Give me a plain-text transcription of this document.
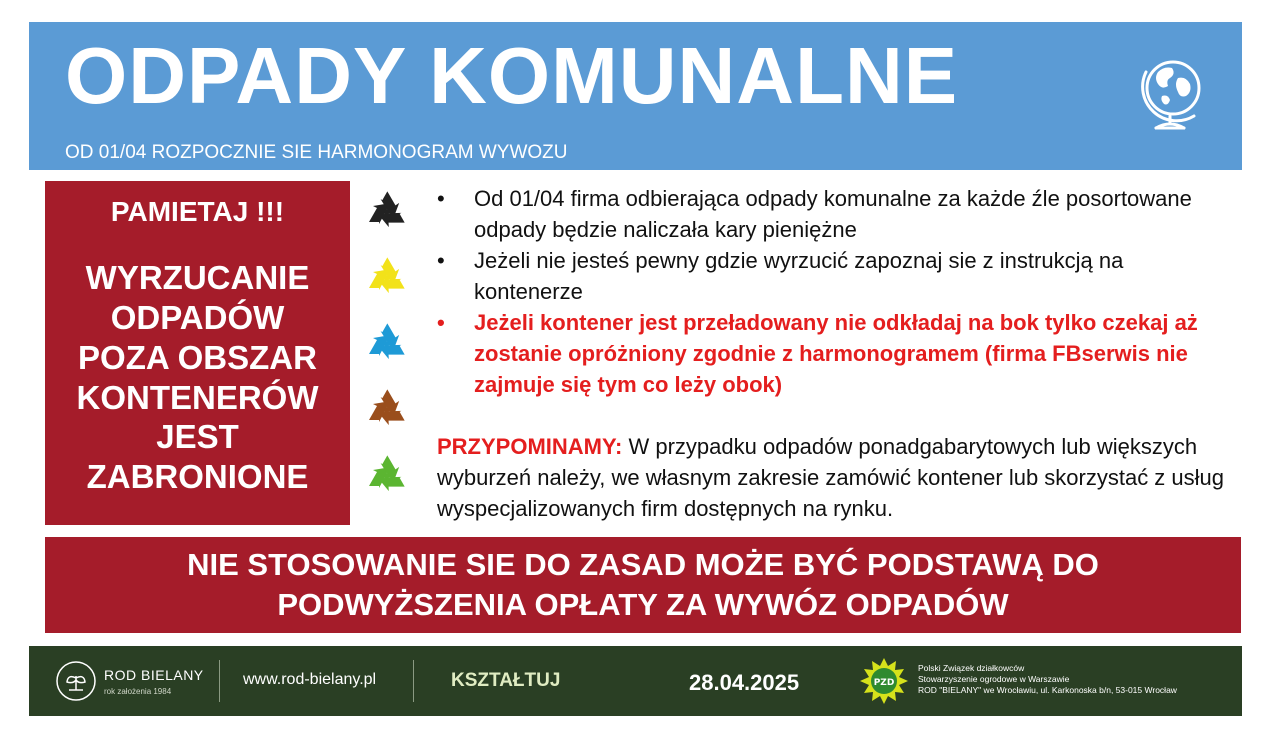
ODPADY KOMUNALNE
OD 01/04 ROZPOCZNIE SIE HARMONOGRAM WYWOZU
PAMIETAJ !!!
WYRZUCANIE
ODPADÓW
POZA OBSZAR
KONTENERÓW
JEST
ZABRONIONE
• Od 01/04 firma odbierająca odpady komunalne za każde źle posortowane odpady będzie naliczała kary pieniężne
• Jeżeli nie jesteś pewny gdzie wyrzucić zapoznaj sie z instrukcją na kontenerze
• Jeżeli kontener jest przeładowany nie odkładaj na bok tylko czekaj aż zostanie opróżniony zgodnie z harmonogramem (firma FBserwis nie zajmuje się tym co leży obok)
PRZYPOMINAMY: W przypadku odpadów ponadgabarytowych lub większych wyburzeń należy, we własnym zakresie zamówić kontener lub skorzystać z usług wyspecjalizowanych firm dostępnych na rynku.
NIE STOSOWANIE SIE DO ZASAD MOŻE BYĆ PODSTAWĄ DO
PODWYŻSZENIA OPŁATY ZA WYWÓZ ODPADÓW
ROD BIELANY
rok założenia 1984
www.rod-bielany.pl	KSZTAŁTUJ	28.04.2025	PZD
Polski Związek działkowców
Stowarzyszenie ogrodowe w Warszawie
ROD "BIELANY" we Wrocławiu, ul. Karkonoska b/n, 53-015 Wrocław
